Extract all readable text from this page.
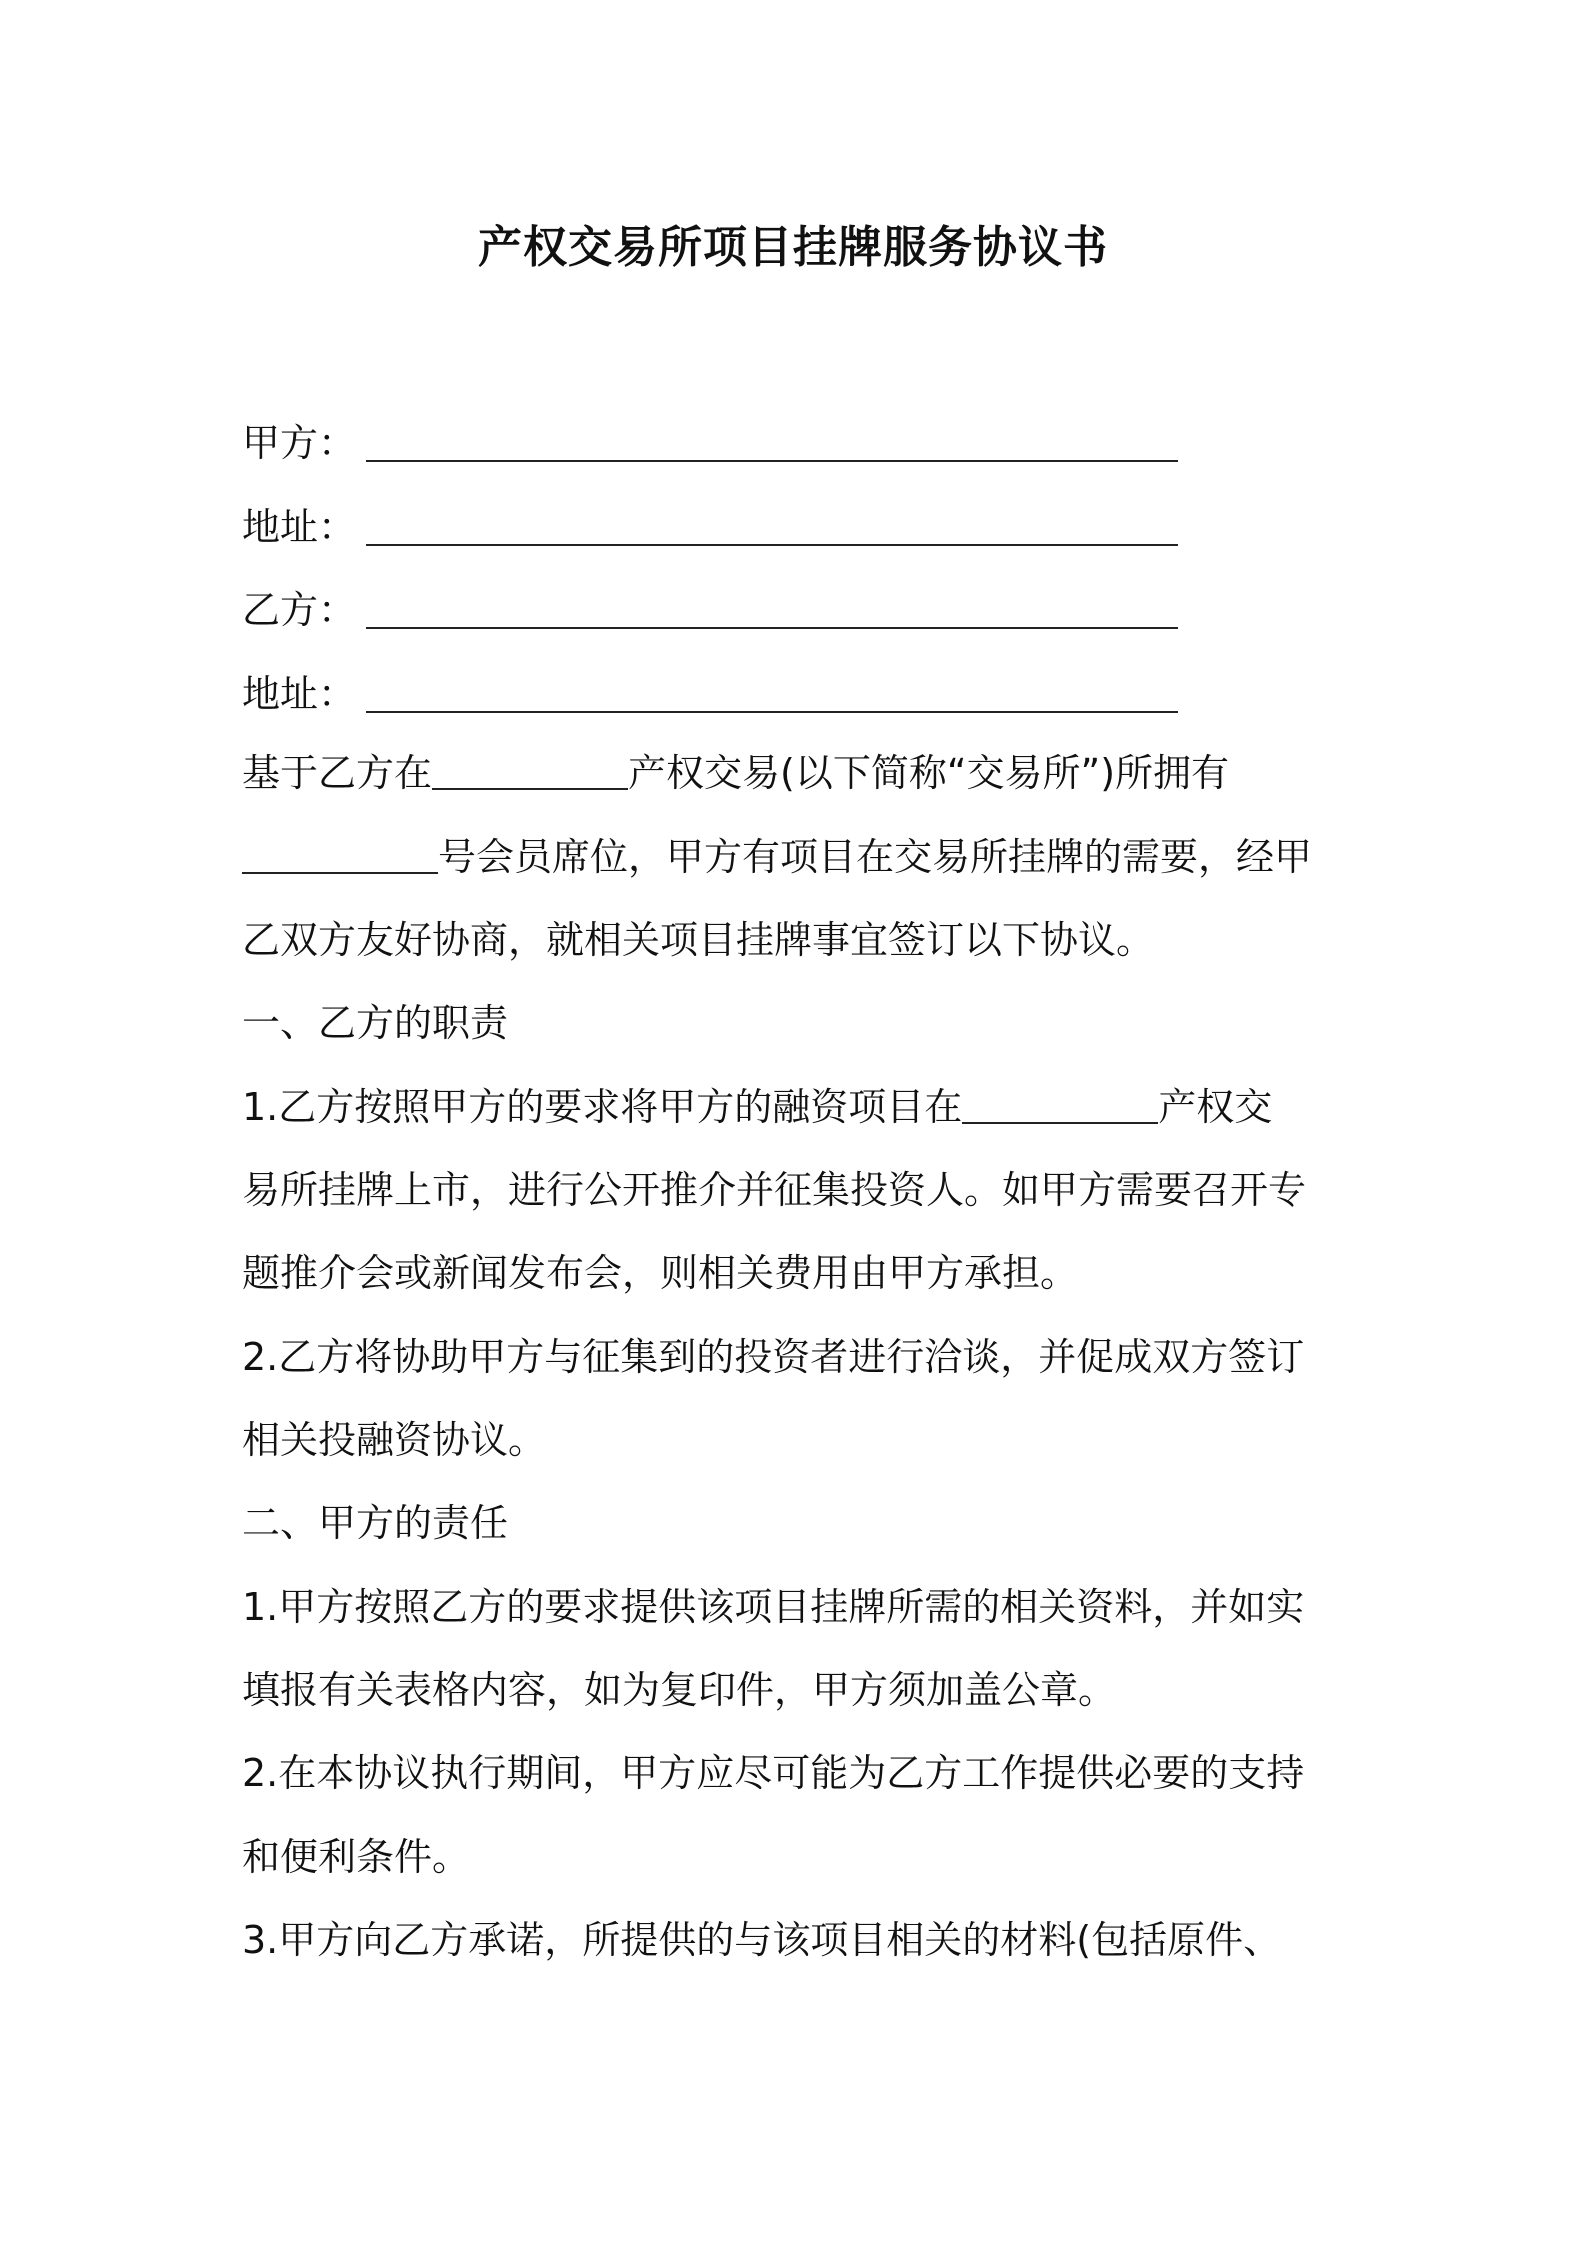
产权交易所项目挂牌服务协议书
甲方：
地址：
乙方：
地址：
基于乙方在	产权交易(以下简称“交易所”)所拥有
号会员席位，甲方有项目在交易所挂牌的需要，经甲
乙双方友好协商，就相关项目挂牌事宜签订以下协议。
一、乙方的职责
1.乙方按照甲方的要求将甲方的融资项目在	产权交
易所挂牌上市，进行公开推介并征集投资人。如甲方需要召开专
题推介会或新闻发布会，则相关费用由甲方承担。
2.乙方将协助甲方与征集到的投资者进行洽谈，并促成双方签订
相关投融资协议。
二、甲方的责任
1.甲方按照乙方的要求提供该项目挂牌所需的相关资料，并如实
填报有关表格内容，如为复印件，甲方须加盖公章。
2.在本协议执行期间，甲方应尽可能为乙方工作提供必要的支持
和便利条件。
3.甲方向乙方承诺，所提供的与该项目相关的材料(包括原件、
